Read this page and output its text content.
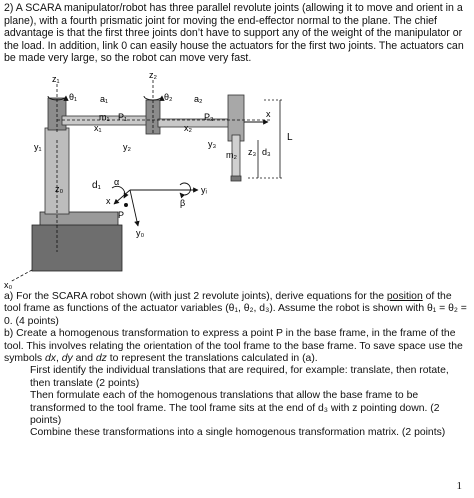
2) A SCARA manipulator/robot has three parallel revolute joints (allowing it to move and orient in a plane), with a fourth prismatic joint for moving the end-effector normal to the plane. The chief advantage is that the first three joints don’t have to support any of the weight of the manipulator or the load. In addition, link 0 can easily house the actuators for the first two joints. The actuators can be made very large, so the robot can move very fast.
z₁
θ₁	a₁
z₂
θ₂ a₂
m₁ P₁
x₁
y₁
x₂
y₂
P₂
m₂
x
L
y₃
z₃ d₃
z₀	d₁ α
β
yᵢ
x
P
y₀
x₀

a) For the SCARA robot shown (with just 2 revolute joints), derive equations for the position of the tool frame as functions of the actuator variables (θ₁, θ₂, d₃). Assume the robot is shown with θ₁ = θ₂ = 0. (4 points)

b) Create a homogenous transformation to express a point P in the base frame, in the frame of the tool. This involves relating the orientation of the tool frame to the base frame. To save space use the symbols dx, dy and dz to represent the translations calculated in (a).

First identify the individual translations that are required, for example: translate, then rotate, then translate (2 points)

Then formulate each of the homogenous translations that allow the base frame to be transformed to the tool frame. The tool frame sits at the end of d₃ with z pointing down. (2 points)

Combine these transformations into a single homogenous transformation matrix. (2 points)

1
